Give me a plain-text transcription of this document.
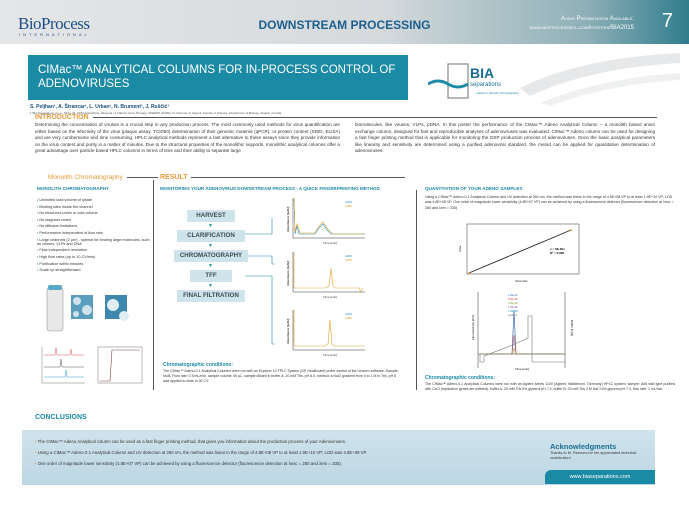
BioProcess
INTERNATIONAL
DOWNSTREAM PROCESSING	Audio Presentation Available:
www.bioprocessintl.com/posters/BIA2015 7
CIMac™ ANALYTICAL COLUMNS FOR IN-PROCESS CONTROL OF ADENOVIRUSES
BIA
separations
Leaders in Monolith Chromatography
S. Peljhan¹, A. Štrancar¹, L. Urban¹, N. Brument², J. Ruščić³
1 BIA Separations d.o.o., Mirce 21, 5270 Ajdovščina, Slovenia | 2 Atlantic Gene Therapy, INSERM U1089 | 3 University of Zagreb, Faculty of Science, Department of Biology, Zagreb, Croatia
INTRODUCTION
Determining the concentration of viruses is a crucial step in any production process. The most commonly used methods for virus quantification are either based on the infectivity of the virus (plaque assay, TCID50) determination of their genomic material (qPCR), or protein content (SRID, ELISA) and are very cumbersome and time consuming. HPLC analytical methods represent a fast alternative to these assays since they provide information on the virus content and purity in a matter of minutes. Due to the structural properties of the monolithic supports, monolithic analytical columns offer a great advantage over particle based HPLC columns in terms of time and their ability to separate large
biomolecules, like viruses, VLPs, pDNA. In this poster the performance of the CIMac™ Adeno Analytical Column – a monolith based anion exchange column, designed for fast and reproducible analyses of adenoviruses was evaluated. CIMac™ Adeno column can be used for designing a fast finger printing method that is applicable for monitoring the DSP production process of adenoviruses. Once the basic analytical parameters like linearity and sensitivity are determined using a purified adenoviral standard, the metod can be applied for quantitative determination of adenoviruses.
Monolith Chromatography	RESULT
MONOLITH CHROMATOGRAPHY
• Unlimited load volume of lysate
• Binding sites inside the channel
• No dead-end pores or void volume
• No stagnant zones
• No diffusion limitations
• Performance independent of flow rate
• Large channels (2 µm) - optimal for binding large molecules, such as viruses, VLPs and DNA
• Flow-independent resolution
• High flow rates (up to 10 CV/min)
• Purification within minutes
• Scale-up straightforward
MONITORING YOUR ADENOVIRUS DOWNSTREAM PROCESS - A QUICK FINGERPRINTING METHOD
HARVEST
▼
CLARIFICATION
▼
CHROMATOGRAPHY
▼
TFF
▼
FINAL FILTRATION
A260
A280
Time [min]
Absorbance [mAU]
A260
A280
Time [min]
Absorbance [mAU]
A260
A280
Time [min]
Absorbance [mAU]
Chromatographic conditions:
The CIMac™ Adeno-0.1 Analytical Columns were run with an Explorer 10 FPLC System (GE Healthcare) under control of the Unicorn software. Sample: rAd5, Flow rate: 0.5 mL/min, sample volume: 50 µL, sample diluted in buffer A: 20 mM Tris, pH 8.0, method: a NaCl gradient from 0 to 1 M in Tris, pH 8 was applied to elute in 30 CV.
QUANTITATION OF YOUR ADENO SAMPLES
Using a CIMac™ Adeno-0.1 Analytical Column and UV detection at 260 nm, the method was linear in the range of 4.8E+08 VP to at least 1.9E+10 VP; LOD was 4.8E+08 VP. One order of magnitude lower sensitivity (4.8E+07 VP) can be achieved by using a fluorescence detector (fluorescence detection at λexc = 280 and λem = 335).
y = 6E-05x
R² = 0.999
Virus titer
Area
1.9E+10
9.5E+09
4.8E+09
1.9E+09
4.8E+08
gradient
Time [min]
Fluorescence [mV]	Buffer B [%]
Chromatographic conditions:
The CIMac™ Adeno-0.1 Analytical Columns were run with an Agilent series 1100 (Agilent, Waldbronn, Germany) HPLC system, sample: Ad5 wild type purified with CsCl (replication genes are deleted), buffer A: 20 mM Tris 5% glycerol pH 7.4, buffer B: 20 mM Tris 2 M NaCl 5% glycerol pH 7.4, flow rate: 1 mL/min.
CONCLUSIONS
• The CIMac™ Adeno Analytical column can be used as a fast finger printing method, that gives you information about the production process of your Adenoviruses.
• Using a CIMac™ Adeno-0.1 Analytical Column and UV detection at 260 nm, the method was linear in the range of 4.8E+08 VP to at least 1.9E+10 VP; LOD was 4.8E+08 VP.
• One order of magnitude lower sensitivity (4.8E+07 VP) can be achieved by using a fluorescence detector (fluorescence detection at λexc = 280 and λem = 335).
Acknowledgments
Thanks to M. Rennors for her appreciated technical contribution!
www.biaseparations.com
